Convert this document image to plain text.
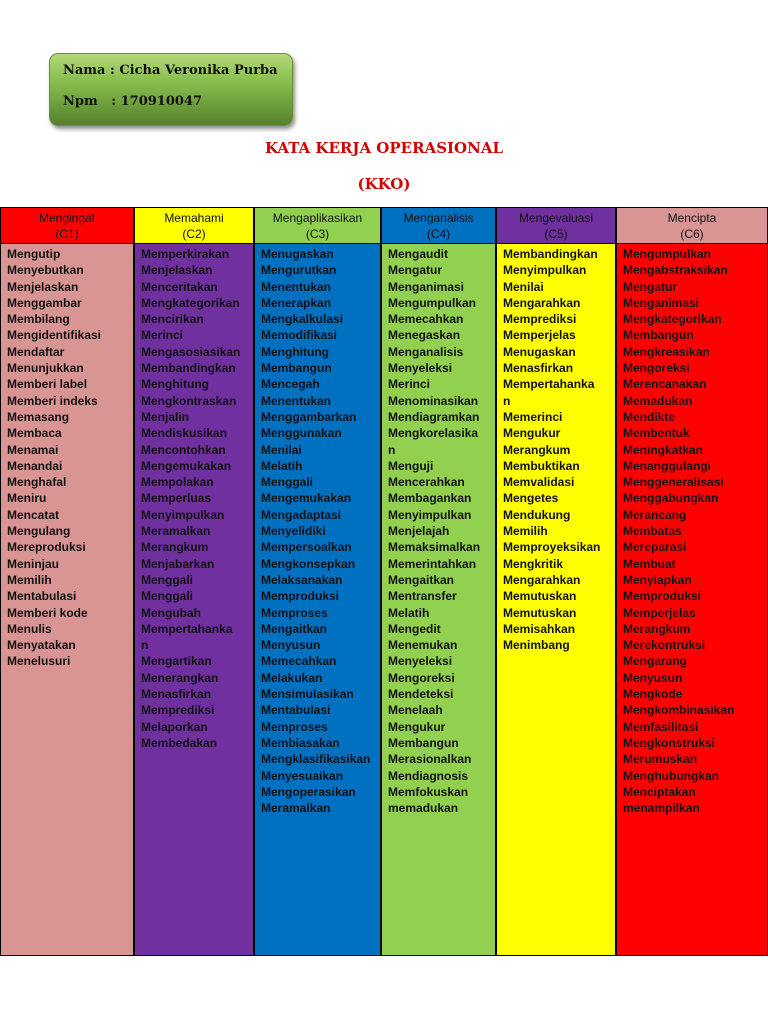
Nama : Cicha Veronika Purba
Npm   : 170910047
KATA KERJA OPERASIONAL
(KKO)
Mengingat
(C1)
Mengutip
Menyebutkan
Menjelaskan
Menggambar
Membilang
Mengidentifikasi
Mendaftar
Menunjukkan
Memberi label
Memberi indeks
Memasang
Membaca
Menamai
Menandai
Menghafal
Meniru
Mencatat
Mengulang
Mereproduksi
Meninjau
Memilih
Mentabulasi
Memberi kode
Menulis
Menyatakan
Menelusuri
Memahami
(C2)
Memperkirakan
Menjelaskan
Menceritakan
Mengkategorikan
Mencirikan
Merinci
Mengasosiasikan
Membandingkan
Menghitung
Mengkontraskan
Menjalin
Mendiskusikan
Mencontohkan
Mengemukakan
Mempolakan
Memperluas
Menyimpulkan
Meramalkan
Merangkum
Menjabarkan
Menggali
Menggali
Mengubah
Mempertahanka
n
Mengartikan
Menerangkan
Menasfirkan
Memprediksi
Melaporkan
Membedakan
Mengaplikasikan
(C3)
Menugaskan
Mengurutkan
Menentukan
Menerapkan
Mengkalkulasi
Memodifikasi
Menghitung
Membangun
Mencegah
Menentukan
Menggambarkan
Menggunakan
Menilai
Melatih
Menggali
Mengemukakan
Mengadaptasi
Menyelidiki
Mempersoalkan
Mengkonsepkan
Melaksanakan
Memproduksi
Memproses
Mengaitkan
Menyusun
Memecahkan
Melakukan
Mensimulasikan
Mentabulasi
Memproses
Membiasakan
Mengklasifikasikan
Menyesuaikan
Mengoperasikan
Meramalkan
Menganalisis
(C4)
Mengaudit
Mengatur
Menganimasi
Mengumpulkan
Memecahkan
Menegaskan
Menganalisis
Menyeleksi
Merinci
Menominasikan
Mendiagramkan
Mengkorelasika
n
Menguji
Mencerahkan
Membagankan
Menyimpulkan
Menjelajah
Memaksimalkan
Memerintahkan
Mengaitkan
Mentransfer
Melatih
Mengedit
Menemukan
Menyeleksi
Mengoreksi
Mendeteksi
Menelaah
Mengukur
Membangun
Merasionalkan
Mendiagnosis
Memfokuskan
memadukan
Mengevaluasi
(C5)
Membandingkan
Menyimpulkan
Menilai
Mengarahkan
Memprediksi
Memperjelas
Menugaskan
Menasfirkan
Mempertahanka
n
Memerinci
Mengukur
Merangkum
Membuktikan
Memvalidasi
Mengetes
Mendukung
Memilih
Memproyeksikan
Mengkritik
Mengarahkan
Memutuskan
Memutuskan
Memisahkan
Menimbang
Mencipta
(C6)
Mengumpulkan
Mengabstraksikan
Mengatur
Menganimasi
Mengkategorikan
Membangun
Mengkreasikan
Mengoreksi
Merencanakan
Memadukan
Mendikte
Membentuk
Meningkatkan
Menanggulangi
Menggeneralisasi
Menggabungkan
Merancang
Membatas
Mereparasi
Membuat
Menyiapkan
Memproduksi
Memperjelas
Merangkum
Merekontruksi
Mengarang
Menyusun
Mengkode
Mengkombinasikan
Memfasilitasi
Mengkonstruksi
Merumuskan
Menghubungkan
Menciptakan
menampilkan
